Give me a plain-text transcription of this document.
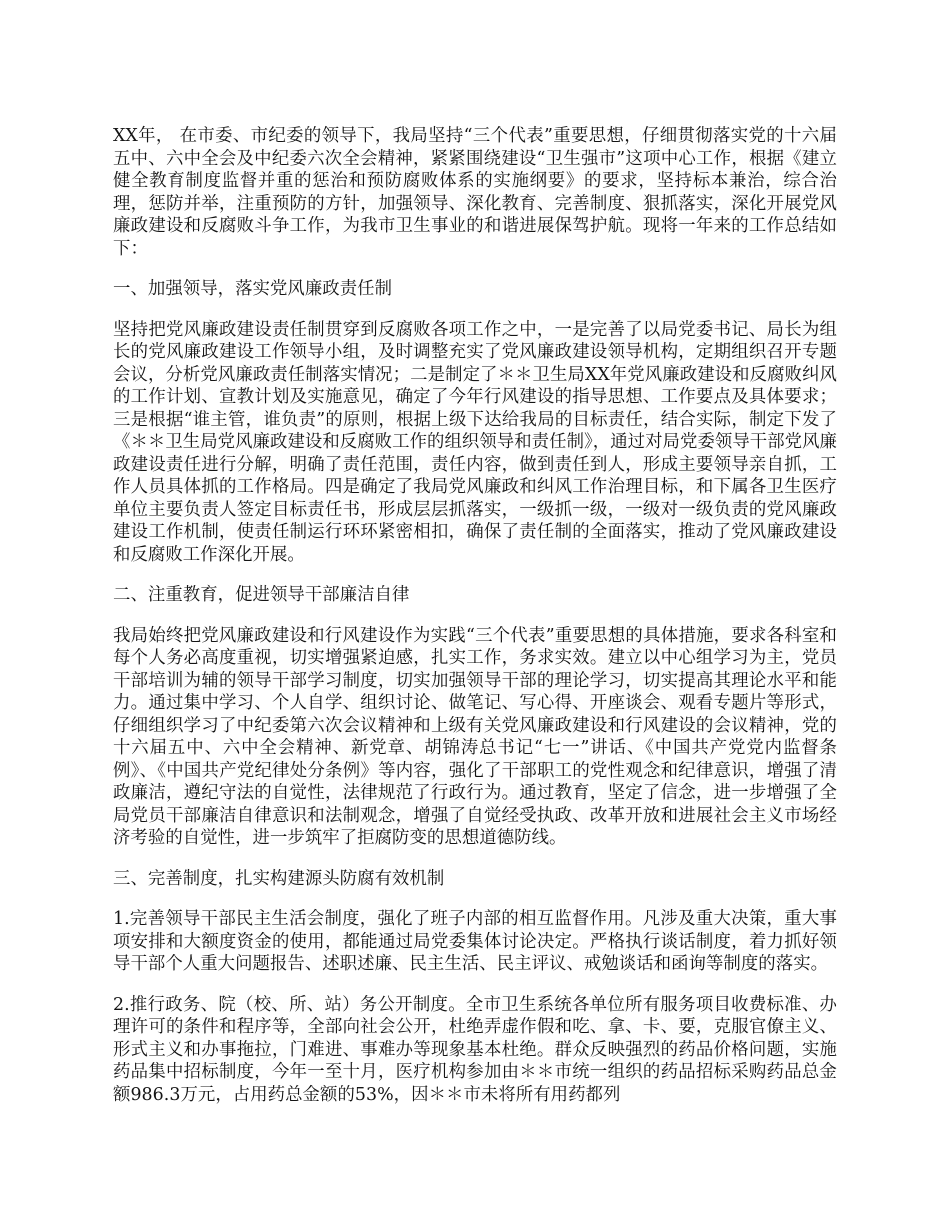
XX年， 在市委、市纪委的领导下，我局坚持“三个代表”重要思想，仔细贯彻落实党的十六届五中、六中全会及中纪委六次全会精神，紧紧围绕建设“卫生强市”这项中心工作，根据《建立健全教育制度监督并重的惩治和预防腐败体系的实施纲要》的要求，坚持标本兼治，综合治理，惩防并举，注重预防的方针，加强领导、深化教育、完善制度、狠抓落实，深化开展党风廉政建设和反腐败斗争工作，为我市卫生事业的和谐进展保驾护航。现将一年来的工作总结如下：

一、加强领导，落实党风廉政责任制

坚持把党风廉政建设责任制贯穿到反腐败各项工作之中，一是完善了以局党委书记、局长为组长的党风廉政建设工作领导小组，及时调整充实了党风廉政建设领导机构，定期组织召开专题会议，分析党风廉政责任制落实情况；二是制定了＊＊卫生局XX年党风廉政建设和反腐败纠风的工作计划、宣教计划及实施意见，确定了今年行风建设的指导思想、工作要点及具体要求；三是根据“谁主管，谁负责”的原则，根据上级下达给我局的目标责任，结合实际，制定下发了《＊＊卫生局党风廉政建设和反腐败工作的组织领导和责任制》，通过对局党委领导干部党风廉政建设责任进行分解，明确了责任范围，责任内容，做到责任到人，形成主要领导亲自抓，工作人员具体抓的工作格局。四是确定了我局党风廉政和纠风工作治理目标，和下属各卫生医疗单位主要负责人签定目标责任书，形成层层抓落实，一级抓一级，一级对一级负责的党风廉政建设工作机制，使责任制运行环环紧密相扣，确保了责任制的全面落实，推动了党风廉政建设和反腐败工作深化开展。

二、注重教育，促进领导干部廉洁自律

我局始终把党风廉政建设和行风建设作为实践“三个代表”重要思想的具体措施，要求各科室和每个人务必高度重视，切实增强紧迫感，扎实工作，务求实效。建立以中心组学习为主，党员干部培训为辅的领导干部学习制度，切实加强领导干部的理论学习，切实提高其理论水平和能力。通过集中学习、个人自学、组织讨论、做笔记、写心得、开座谈会、观看专题片等形式，仔细组织学习了中纪委第六次会议精神和上级有关党风廉政建设和行风建设的会议精神，党的十六届五中、六中全会精神、新党章、胡锦涛总书记“七一”讲话、《中国共产党党内监督条例》、《中国共产党纪律处分条例》等内容，强化了干部职工的党性观念和纪律意识，增强了清政廉洁，遵纪守法的自觉性，法律规范了行政行为。通过教育，坚定了信念，进一步增强了全局党员干部廉洁自律意识和法制观念，增强了自觉经受执政、改革开放和进展社会主义市场经济考验的自觉性，进一步筑牢了拒腐防变的思想道德防线。

三、完善制度，扎实构建源头防腐有效机制

1.完善领导干部民主生活会制度，强化了班子内部的相互监督作用。凡涉及重大决策，重大事项安排和大额度资金的使用，都能通过局党委集体讨论决定。严格执行谈话制度，着力抓好领导干部个人重大问题报告、述职述廉、民主生活、民主评议、戒勉谈话和函询等制度的落实。

2.推行政务、院（校、所、站）务公开制度。全市卫生系统各单位所有服务项目收费标准、办理许可的条件和程序等，全部向社会公开，杜绝弄虚作假和吃、拿、卡、要，克服官僚主义、形式主义和办事拖拉，门难进、事难办等现象基本杜绝。群众反映强烈的药品价格问题，实施药品集中招标制度，今年一至十月，医疗机构参加由＊＊市统一组织的药品招标采购药品总金额986.3万元，占用药总金额的53%，因＊＊市未将所有用药都列
